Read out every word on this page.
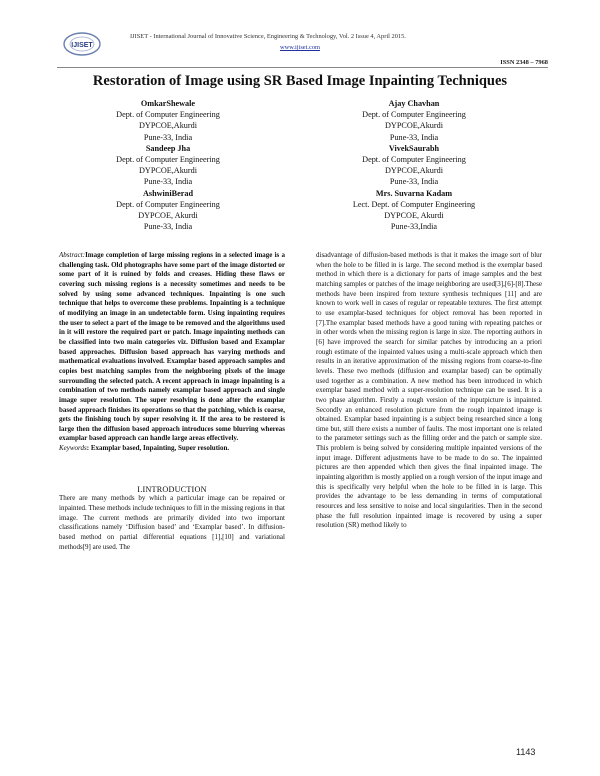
IJISET
IJISET - International Journal of Innovative Science, Engineering & Technology, Vol. 2 Issue 4, April 2015.
www.ijiset.com
ISSN 2348 – 7968
Restoration of Image using SR Based Image Inpainting Techniques
OmkarShewale
Dept. of Computer Engineering
DYPCOE,Akurdi
Pune-33, India
Sandeep Jha
Dept. of Computer Engineering
DYPCOE,Akurdi
Pune-33, India
AshwiniBerad
Dept. of Computer Engineering
DYPCOE, Akurdi
Pune-33, India
Ajay Chavhan
Dept. of Computer Engineering
DYPCOE,Akurdi
Pune-33, India
VivekSaurabh
Dept. of Computer Engineering
DYPCOE,Akurdi
Pune-33, India
Mrs. Suvarna Kadam
Lect. Dept. of Computer Engineering
DYPCOE, Akurdi
Pune-33,India

Abstract:Image completion of large missing regions in a selected image is a challenging task. Old photographs have some part of the image distorted or some part of it is ruined by folds and creases. Hiding these flaws or covering such missing regions is a necessity sometimes and needs to be solved by using some advanced techniques. Inpainting is one such technique that helps to overcome these problems. Inpainting is a technique of modifying an image in an undetectable form. Using inpainting requires the user to select a part of the image to be removed and the algorithms used in it will restore the required part or patch. Image inpainting methods can be classified into two main categories viz. Diffusion based and Examplar based approaches. Diffusion based approach has varying methods and mathematical evaluations involved. Examplar based approach samples and copies best matching samples from the neighboring pixels of the image surrounding the selected patch. A recent approach in image inpainting is a combination of two methods namely examplar based approach and single image super resolution. The super resolving is done after the examplar based approach finishes its operations so that the patching, which is coarse, gets the finishing touch by super resolving it. If the area to be restored is large then the diffusion based approach introduces some blurring whereas examplar based approach can handle large areas effectively.

Keywords: Examplar based, Inpainting, Super resolution.

I.INTRODUCTION

There are many methods by which a particular image can be repaired or inpainted. These methods include techniques to fill in the missing regions in that image. The current methods are primarily divided into two important classifications namely ‘Diffusion based’ and ‘Examplar based’. In diffusion-based method on partial differential equations [1],[10] and variational methods[9] are used. The

disadvantage of diffusion-based methods is that it makes the image sort of blur when the hole to be filled in is large. The second method is the exemplar based method in which there is a dictionary for parts of image samples and the best matching samples or patches of the image neighboring are used[3],[6]-[8].These methods have been inspired from texture synthesis techniques [11] and are known to work well in cases of regular or repeatable textures. The first attempt to use examplar-based techniques for object removal has been reported in [7].The examplar based methods have a good tuning with repeating patches or in other words when the missing region is large in size. The reporting authors in [6] have improved the search for similar patches by introducing an a priori rough estimate of the inpainted values using a multi-scale approach which then results in an iterative approximation of the missing regions from coarse-to-fine levels. These two methods (diffusion and examplar based) can be optimally used together as a combination. A new method has been introduced in which exemplar based method with a super-resolution technique can be used. It is a two phase algorithm. Firstly a rough version of the inputpicture is inpainted. Secondly an enhanced resolution picture from the rough inpainted image is obtained. Examplar based inpainting is a subject being researched since a long time but, still there exists a number of faults. The most important one is related to the parameter settings such as the filling order and the patch or sample size. This problem is being solved by considering multiple inpainted versions of the input image. Different adjustments have to be made to do so. The inpainted pictures are then appended which then gives the final inpainted image. The inpainting algorithm is mostly applied on a rough version of the input image and this is specifically very helpful when the hole to be filled in is large. This provides the advantage to be less demanding in terms of computational resources and less sensitive to noise and local singularities. Then in the second phase the full resolution inpainted image is recovered by using a super resolution (SR) method likely to

1143
